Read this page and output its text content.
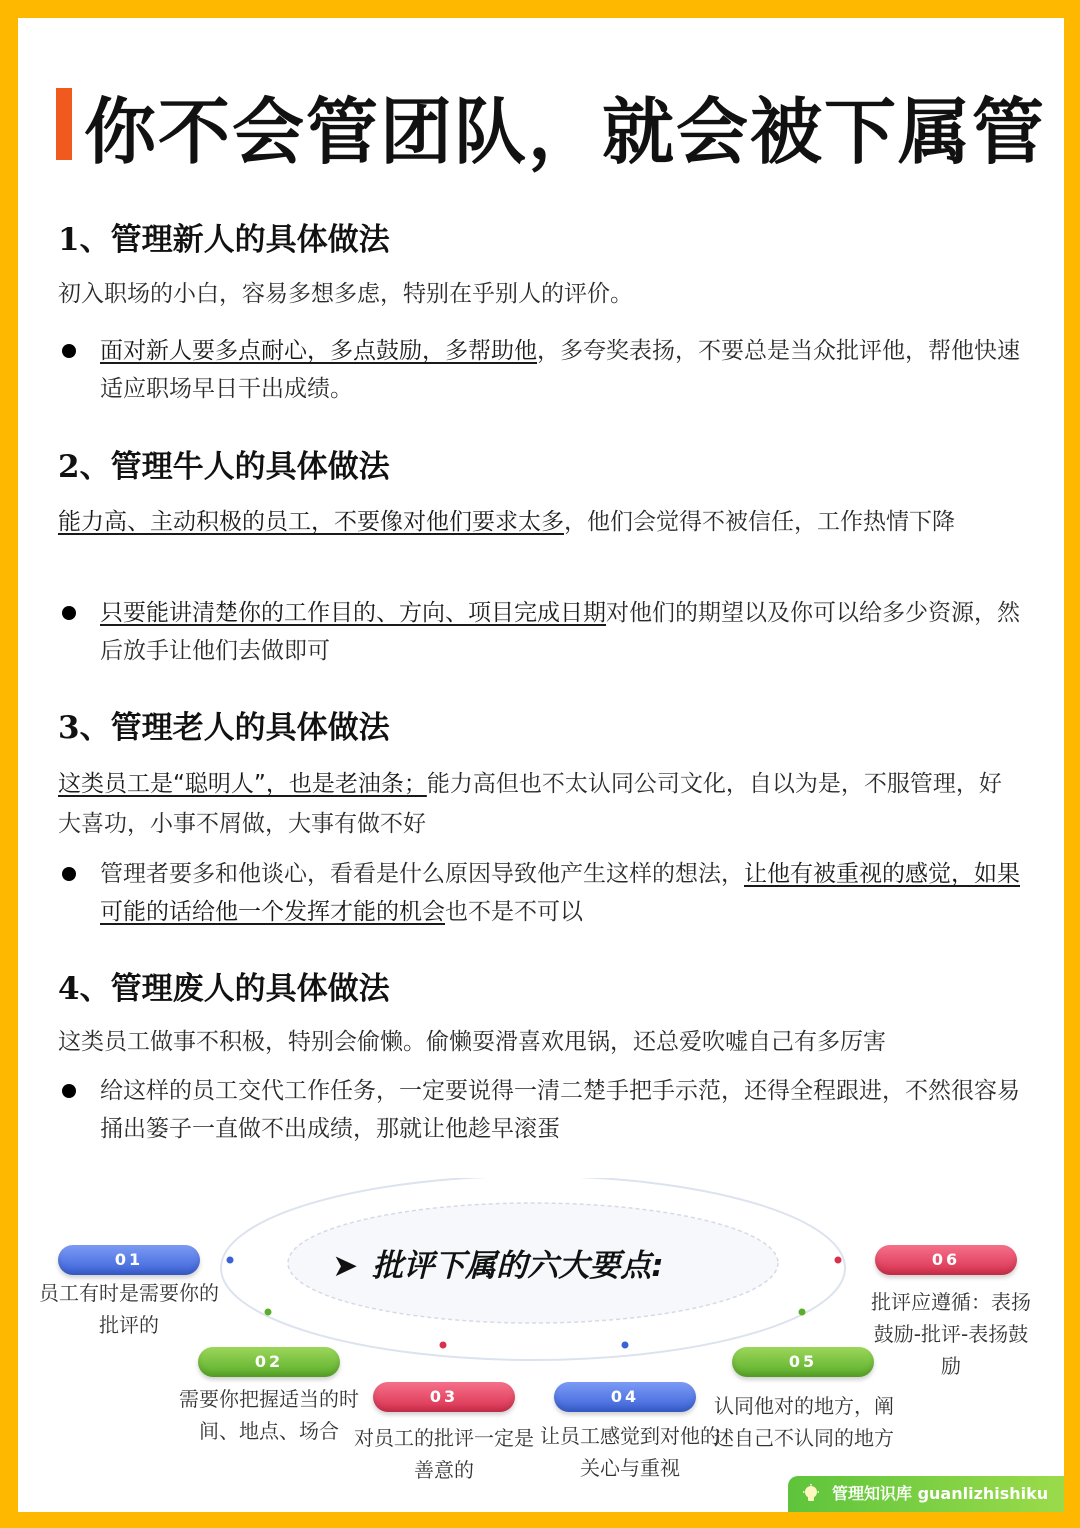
你不会管团队，就会被下属管
1、管理新人的具体做法
初入职场的小白，容易多想多虑，特别在乎别人的评价。
面对新人要多点耐心，多点鼓励，多帮助他，多夸奖表扬，不要总是当众批评他，帮他快速适应职场早日干出成绩。
2、管理牛人的具体做法
能力高、主动积极的员工，不要像对他们要求太多，他们会觉得不被信任，工作热情下降
只要能讲清楚你的工作目的、方向、项目完成日期对他们的期望以及你可以给多少资源，然后放手让他们去做即可
3、管理老人的具体做法
这类员工是“聪明人”，也是老油条；能力高但也不太认同公司文化，自以为是，不服管理，好大喜功，小事不屑做，大事有做不好
管理者要多和他谈心，看看是什么原因导致他产生这样的想法，让他有被重视的感觉，如果可能的话给他一个发挥才能的机会也不是不可以
4、管理废人的具体做法
这类员工做事不积极，特别会偷懒。偷懒耍滑喜欢甩锅，还总爱吹嘘自己有多厉害
给这样的员工交代工作任务，一定要说得一清二楚手把手示范，还得全程跟进，不然很容易捅出篓子一直做不出成绩，那就让他趁早滚蛋
➤ 批评下属的六大要点:
01
员工有时是需要你的批评的
02
需要你把握适当的时间、地点、场合
03
对员工的批评一定是善意的
04
让员工感觉到对他的关心与重视
05
认同他对的地方，阐述自己不认同的地方
06
批评应遵循：表扬鼓励-批评-表扬鼓励
管理知识库 guanlizhishiku
